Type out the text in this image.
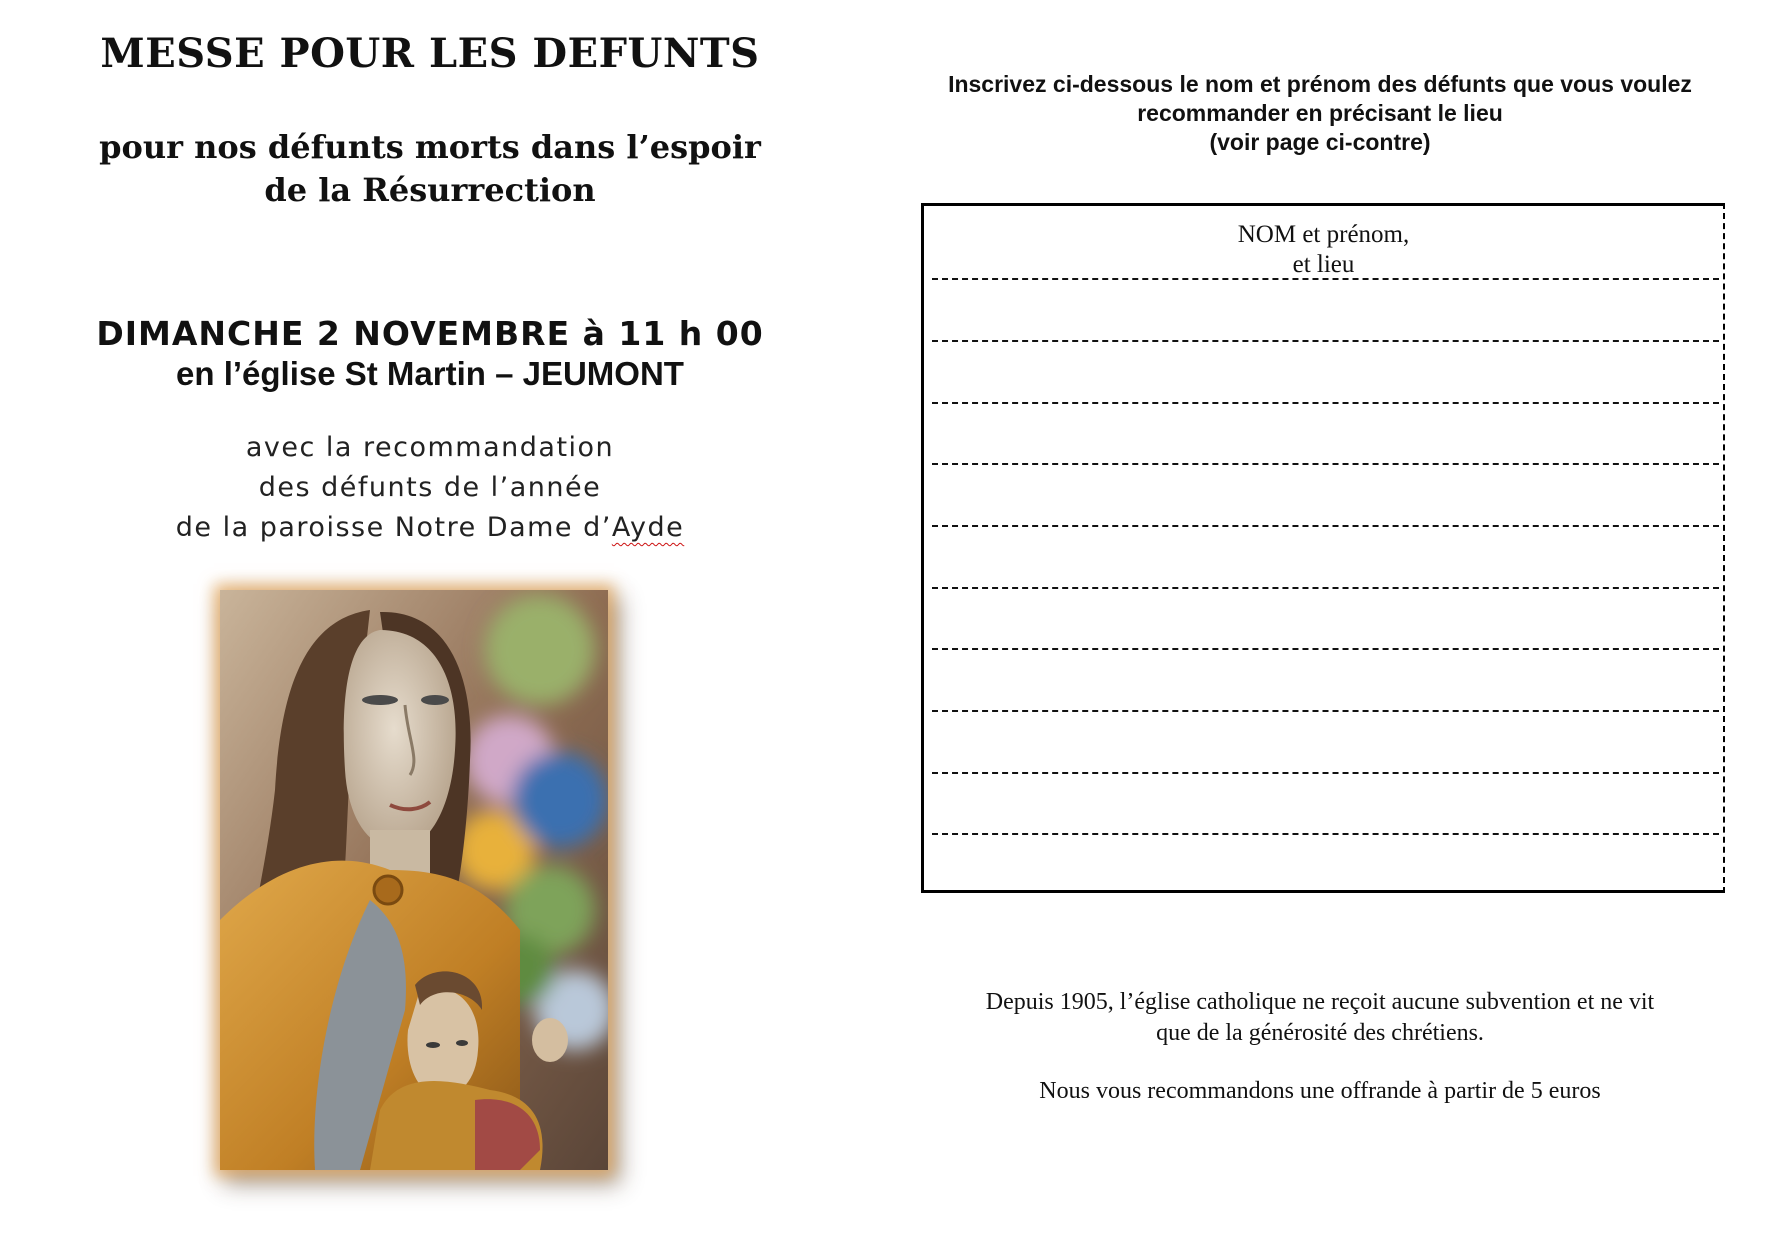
MESSE POUR LES DEFUNTS
pour nos défunts morts dans l’espoir
de la Résurrection
DIMANCHE 2 NOVEMBRE à 11 h 00
en l’église St Martin – JEUMONT
avec la recommandation
des défunts de l’année
de la paroisse Notre Dame d’Ayde
Inscrivez ci-dessous le nom et prénom des défunts que vous voulez
recommander en précisant le lieu
(voir page ci-contre)
NOM et prénom,
et lieu
Depuis 1905, l’église catholique ne reçoit aucune subvention et ne vit
que de la générosité des chrétiens.
Nous vous recommandons une offrande à partir de 5 euros
